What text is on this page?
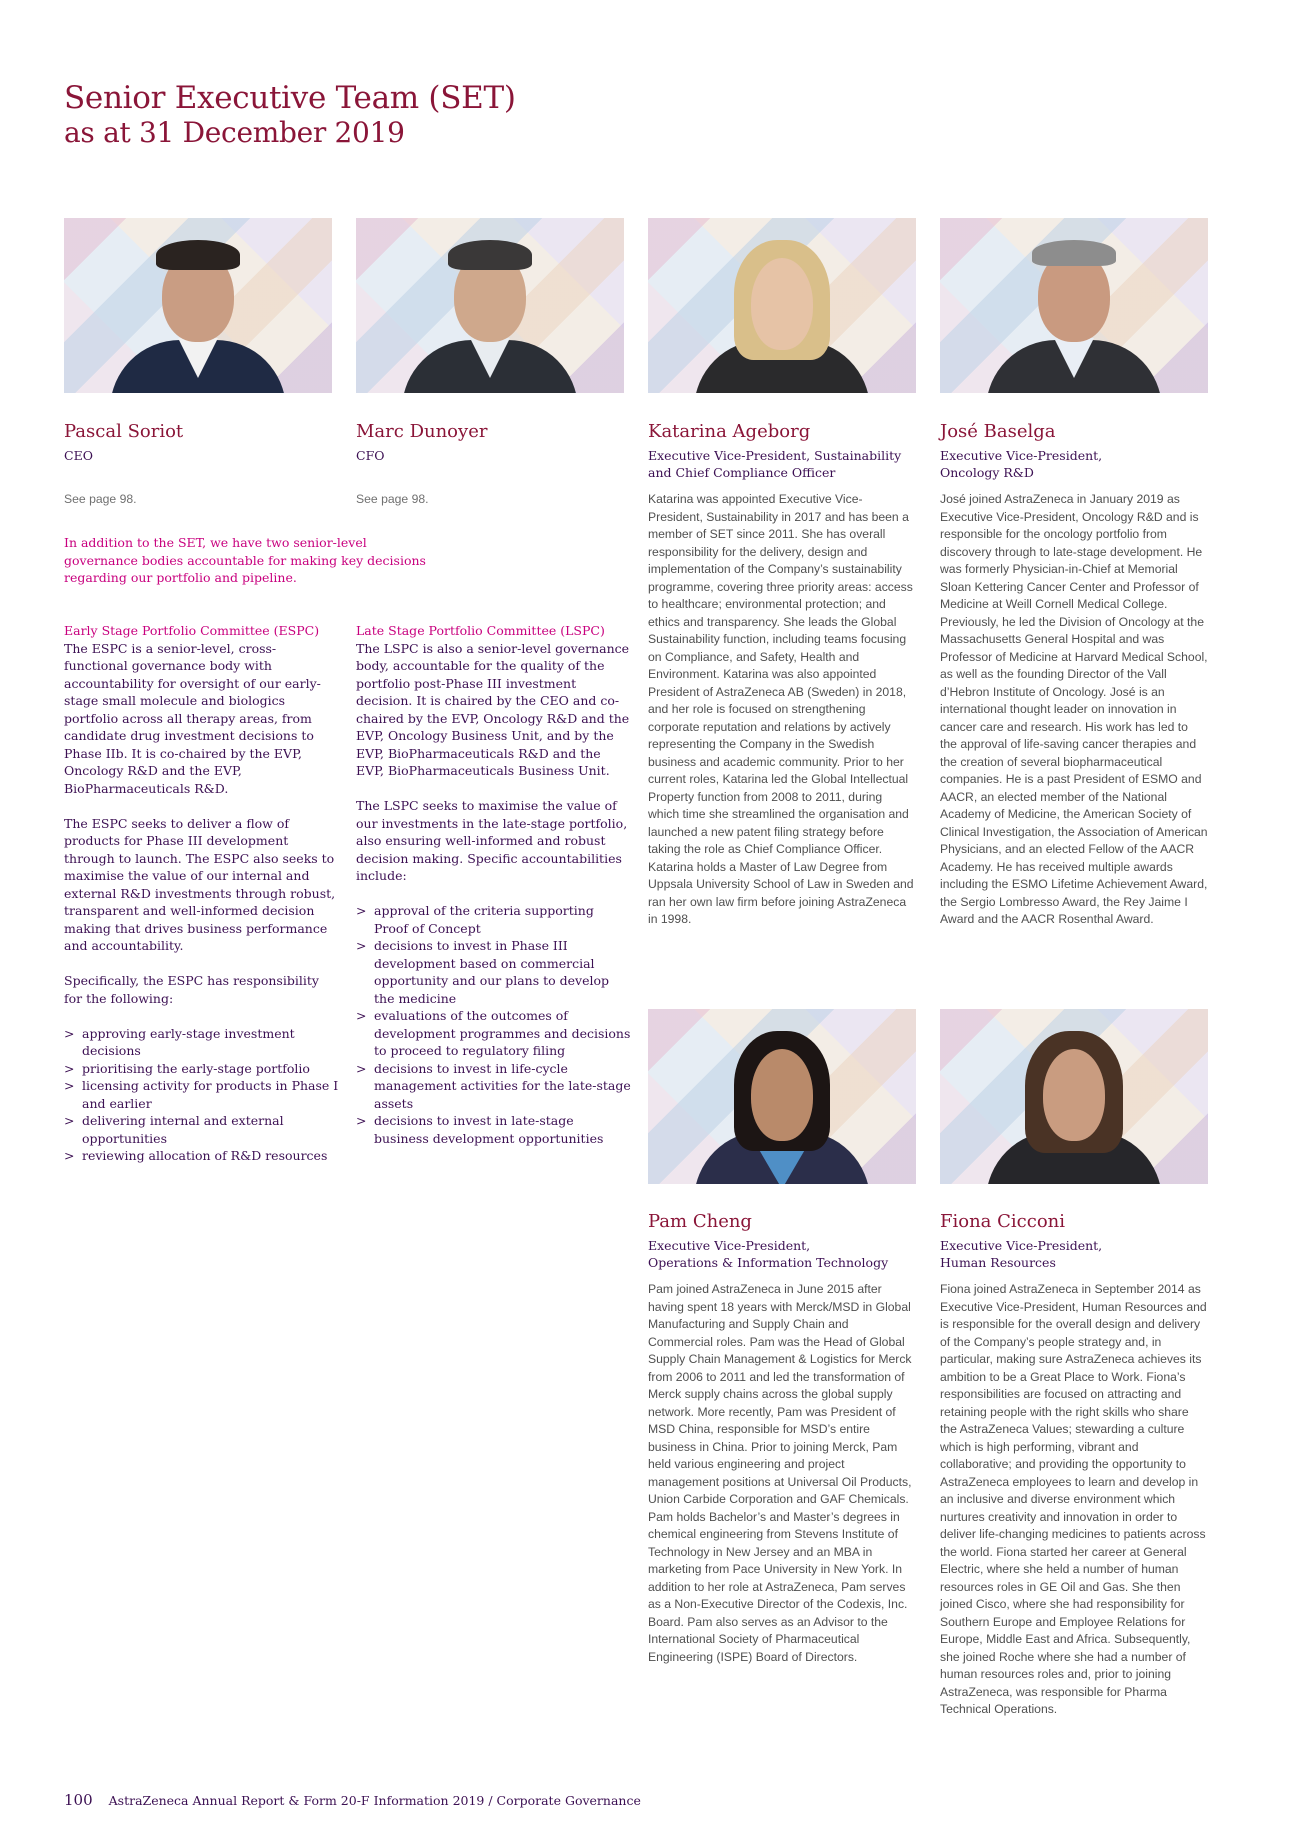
Senior Executive Team (SET)
as at 31 December 2019
Pascal Soriot
CEO
See page 98.
Marc Dunoyer
CFO
See page 98.
Katarina Ageborg
Executive Vice-President, Sustainability
and Chief Compliance Officer
Katarina was appointed Executive Vice-President, Sustainability in 2017 and has been a member of SET since 2011. She has overall responsibility for the delivery, design and implementation of the Company’s sustainability programme, covering three priority areas: access to healthcare; environmental protection; and ethics and transparency. She leads the Global Sustainability function, including teams focusing on Compliance, and Safety, Health and Environment. Katarina was also appointed President of AstraZeneca AB (Sweden) in 2018, and her role is focused on strengthening corporate reputation and relations by actively representing the Company in the Swedish business and academic community. Prior to her current roles, Katarina led the Global Intellectual Property function from 2008 to 2011, during which time she streamlined the organisation and launched a new patent filing strategy before taking the role as Chief Compliance Officer. Katarina holds a Master of Law Degree from Uppsala University School of Law in Sweden and ran her own law firm before joining AstraZeneca in 1998.
José Baselga
Executive Vice-President,
Oncology R&D
José joined AstraZeneca in January 2019 as Executive Vice-President, Oncology R&D and is responsible for the oncology portfolio from discovery through to late-stage development. He was formerly Physician-in-Chief at Memorial Sloan Kettering Cancer Center and Professor of Medicine at Weill Cornell Medical College. Previously, he led the Division of Oncology at the Massachusetts General Hospital and was Professor of Medicine at Harvard Medical School, as well as the founding Director of the Vall d’Hebron Institute of Oncology. José is an international thought leader on innovation in cancer care and research. His work has led to the approval of life-saving cancer therapies and the creation of several biopharmaceutical companies. He is a past President of ESMO and AACR, an elected member of the National Academy of Medicine, the American Society of Clinical Investigation, the Association of American Physicians, and an elected Fellow of the AACR Academy. He has received multiple awards including the ESMO Lifetime Achievement Award, the Sergio Lombresso Award, the Rey Jaime I Award and the AACR Rosenthal Award.
Pam Cheng
Executive Vice-President,
Operations & Information Technology
Pam joined AstraZeneca in June 2015 after having spent 18 years with Merck/MSD in Global Manufacturing and Supply Chain and Commercial roles. Pam was the Head of Global Supply Chain Management & Logistics for Merck from 2006 to 2011 and led the transformation of Merck supply chains across the global supply network. More recently, Pam was President of MSD China, responsible for MSD’s entire business in China. Prior to joining Merck, Pam held various engineering and project management positions at Universal Oil Products, Union Carbide Corporation and GAF Chemicals. Pam holds Bachelor’s and Master’s degrees in chemical engineering from Stevens Institute of Technology in New Jersey and an MBA in marketing from Pace University in New York. In addition to her role at AstraZeneca, Pam serves as a Non-Executive Director of the Codexis, Inc. Board. Pam also serves as an Advisor to the International Society of Pharmaceutical Engineering (ISPE) Board of Directors.
Fiona Cicconi
Executive Vice-President,
Human Resources
Fiona joined AstraZeneca in September 2014 as Executive Vice-President, Human Resources and is responsible for the overall design and delivery of the Company’s people strategy and, in particular, making sure AstraZeneca achieves its ambition to be a Great Place to Work. Fiona’s responsibilities are focused on attracting and retaining people with the right skills who share the AstraZeneca Values; stewarding a culture which is high performing, vibrant and collaborative; and providing the opportunity to AstraZeneca employees to learn and develop in an inclusive and diverse environment which nurtures creativity and innovation in order to deliver life-changing medicines to patients across the world. Fiona started her career at General Electric, where she held a number of human resources roles in GE Oil and Gas. She then joined Cisco, where she had responsibility for Southern Europe and Employee Relations for Europe, Middle East and Africa. Subsequently, she joined Roche where she had a number of human resources roles and, prior to joining AstraZeneca, was responsible for Pharma Technical Operations.
In addition to the SET, we have two senior-level governance bodies accountable for making key decisions regarding our portfolio and pipeline.
Early Stage Portfolio Committee (ESPC)

The ESPC is a senior-level, cross-functional governance body with accountability for oversight of our early-stage small molecule and biologics portfolio across all therapy areas, from candidate drug investment decisions to Phase IIb. It is co-chaired by the EVP, Oncology R&D and the EVP, BioPharmaceuticals R&D.

The ESPC seeks to deliver a flow of products for Phase III development through to launch. The ESPC also seeks to maximise the value of our internal and external R&D investments through robust, transparent and well-informed decision making that drives business performance and accountability.

Specifically, the ESPC has responsibility for the following:

> approving early-stage investment decisions
> prioritising the early-stage portfolio
> licensing activity for products in Phase I and earlier
> delivering internal and external opportunities
> reviewing allocation of R&D resources
Late Stage Portfolio Committee (LSPC)

The LSPC is also a senior-level governance body, accountable for the quality of the portfolio post-Phase III investment decision. It is chaired by the CEO and co-chaired by the EVP, Oncology R&D and the EVP, Oncology Business Unit, and by the EVP, BioPharmaceuticals R&D and the EVP, BioPharmaceuticals Business Unit.

The LSPC seeks to maximise the value of our investments in the late-stage portfolio, also ensuring well-informed and robust decision making. Specific accountabilities include:

> approval of the criteria supporting Proof of Concept
> decisions to invest in Phase III development based on commercial opportunity and our plans to develop the medicine
> evaluations of the outcomes of development programmes and decisions to proceed to regulatory filing
> decisions to invest in life-cycle management activities for the late-stage assets
> decisions to invest in late-stage business development opportunities
100 AstraZeneca Annual Report & Form 20-F Information 2019 / Corporate Governance
